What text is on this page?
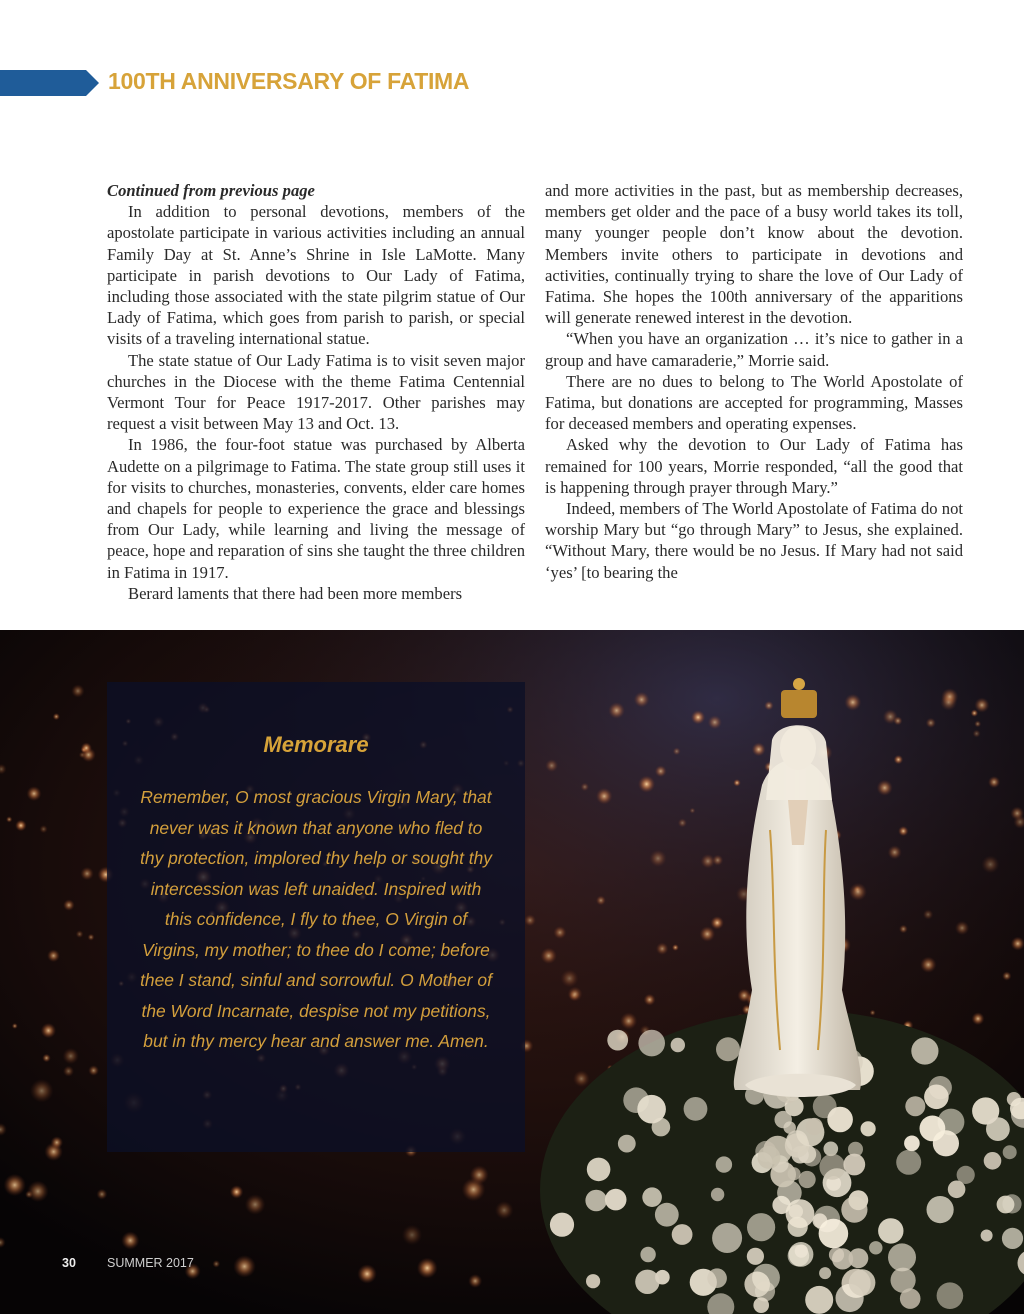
100TH ANNIVERSARY OF FATIMA

Continued from previous page

In addition to personal devotions, members of the apostolate participate in various activities including an annual Family Day at St. Anne’s Shrine in Isle LaMotte. Many participate in parish devotions to Our Lady of Fatima, including those associated with the state pilgrim statue of Our Lady of Fatima, which goes from parish to parish, or special visits of a traveling international statue.

The state statue of Our Lady Fatima is to visit seven major churches in the Diocese with the theme Fatima Centennial Vermont Tour for Peace 1917-2017. Other parishes may request a visit between May 13 and Oct. 13.

In 1986, the four-foot statue was purchased by Alberta Audette on a pilgrimage to Fatima. The state group still uses it for visits to churches, monasteries, convents, elder care homes and chapels for people to experience the grace and blessings from Our Lady, while learning and living the message of peace, hope and reparation of sins she taught the three children in Fatima in 1917.

Berard laments that there had been more members

and more activities in the past, but as membership decreases, members get older and the pace of a busy world takes its toll, many younger people don’t know about the devotion. Members invite others to participate in devotions and activities, continually trying to share the love of Our Lady of Fatima. She hopes the 100th anniversary of the apparitions will generate renewed interest in the devotion.

“When you have an organization … it’s nice to gather in a group and have camaraderie,” Morrie said.

There are no dues to belong to The World Apostolate of Fatima, but donations are accepted for programming, Masses for deceased members and operating expenses.

Asked why the devotion to Our Lady of Fatima has remained for 100 years, Morrie responded, “all the good that is happening through prayer through Mary.”

Indeed, members of The World Apostolate of Fatima do not worship Mary but “go through Mary” to Jesus, she explained. “Without Mary, there would be no Jesus. If Mary had not said ‘yes’ [to bearing the

Memorare

Remember, O most gracious Virgin Mary, that never was it known that anyone who fled to thy protection, implored thy help or sought thy intercession was left unaided. Inspired with this confidence, I fly to thee, O Virgin of Virgins, my mother; to thee do I come; before thee I stand, sinful and sorrowful. O Mother of the Word Incarnate, despise not my petitions, but in thy mercy hear and answer me. Amen.

30 SUMMER 2017
